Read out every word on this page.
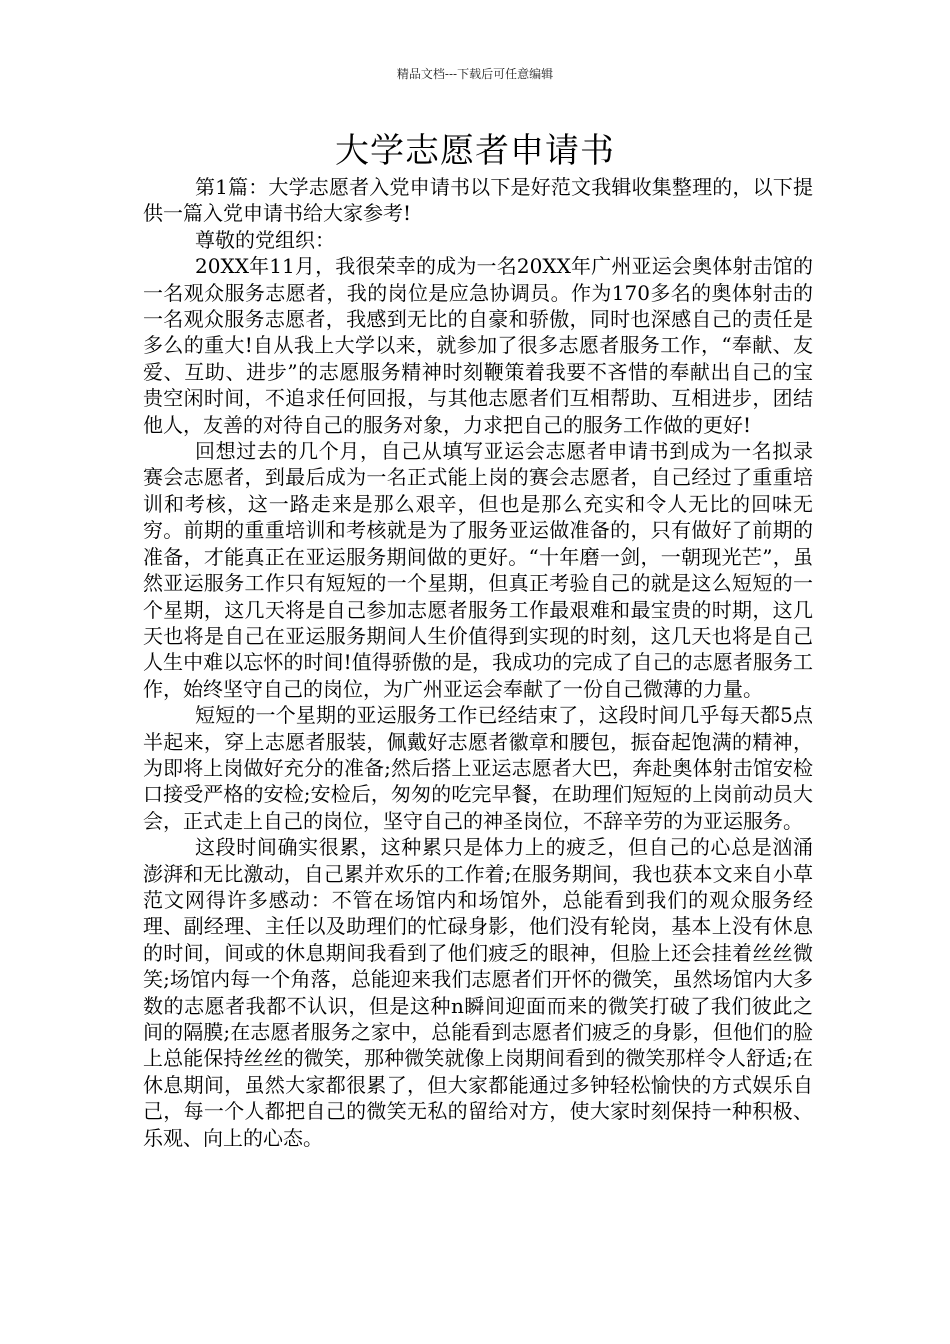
精品文档---下载后可任意编辑
大学志愿者申请书

第1篇：大学志愿者入党申请书以下是好范文我辑收集整理的，以下提供一篇入党申请书给大家参考!

尊敬的党组织：

20XX年11月，我很荣幸的成为一名20XX年广州亚运会奥体射击馆的一名观众服务志愿者，我的岗位是应急协调员。作为170多名的奥体射击的一名观众服务志愿者，我感到无比的自豪和骄傲，同时也深感自己的责任是多么的重大!自从我上大学以来，就参加了很多志愿者服务工作，“奉献、友爱、互助、进步”的志愿服务精神时刻鞭策着我要不吝惜的奉献出自己的宝贵空闲时间，不追求任何回报，与其他志愿者们互相帮助、互相进步，团结他人，友善的对待自己的服务对象，力求把自己的服务工作做的更好!

回想过去的几个月，自己从填写亚运会志愿者申请书到成为一名拟录赛会志愿者，到最后成为一名正式能上岗的赛会志愿者，自己经过了重重培训和考核，这一路走来是那么艰辛，但也是那么充实和令人无比的回味无穷。前期的重重培训和考核就是为了服务亚运做准备的，只有做好了前期的准备，才能真正在亚运服务期间做的更好。“十年磨一剑，一朝现光芒”，虽然亚运服务工作只有短短的一个星期，但真正考验自己的就是这么短短的一个星期，这几天将是自己参加志愿者服务工作最艰难和最宝贵的时期，这几天也将是自己在亚运服务期间人生价值得到实现的时刻，这几天也将是自己人生中难以忘怀的时间!值得骄傲的是，我成功的完成了自己的志愿者服务工作，始终坚守自己的岗位，为广州亚运会奉献了一份自己微薄的力量。

短短的一个星期的亚运服务工作已经结束了，这段时间几乎每天都5点半起来，穿上志愿者服装，佩戴好志愿者徽章和腰包，振奋起饱满的精神，为即将上岗做好充分的准备;然后搭上亚运志愿者大巴，奔赴奥体射击馆安检口接受严格的安检;安检后，匆匆的吃完早餐，在助理们短短的上岗前动员大会，正式走上自己的岗位，坚守自己的神圣岗位，不辞辛劳的为亚运服务。

这段时间确实很累，这种累只是体力上的疲乏，但自己的心总是汹涌澎湃和无比激动，自己累并欢乐的工作着;在服务期间，我也获本文来自小草范文网得许多感动：不管在场馆内和场馆外，总能看到我们的观众服务经理、副经理、主任以及助理们的忙碌身影，他们没有轮岗，基本上没有休息的时间，间或的休息期间我看到了他们疲乏的眼神，但脸上还会挂着丝丝微笑;场馆内每一个角落，总能迎来我们志愿者们开怀的微笑，虽然场馆内大多数的志愿者我都不认识，但是这种n瞬间迎面而来的微笑打破了我们彼此之间的隔膜;在志愿者服务之家中，总能看到志愿者们疲乏的身影，但他们的脸上总能保持丝丝的微笑，那种微笑就像上岗期间看到的微笑那样令人舒适;在休息期间，虽然大家都很累了，但大家都能通过多钟轻松愉快的方式娱乐自己，每一个人都把自己的微笑无私的留给对方，使大家时刻保持一种积极、乐观、向上的心态。
